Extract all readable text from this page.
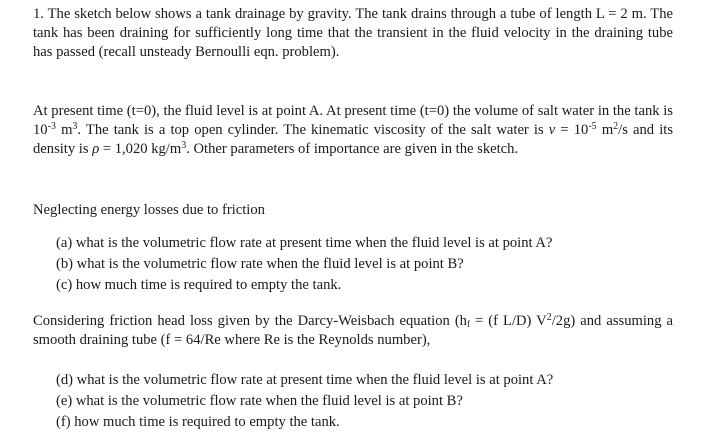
1. The sketch below shows a tank drainage by gravity. The tank drains through a tube of length L = 2 m. The tank has been draining for sufficiently long time that the transient in the fluid velocity in the draining tube has passed (recall unsteady Bernoulli eqn. problem).

At present time (t=0), the fluid level is at point A. At present time (t=0) the volume of salt water in the tank is $10^{-3}$ $m^3$. The tank is a top open cylinder. The kinematic viscosity of the salt water is $\nu = 10^{-5}$ $m^2/s$ and its density is ρ = 1,020 $kg/m^3$. Other parameters of importance are given in the sketch.

Neglecting energy losses due to friction

(a) what is the volumetric flow rate at present time when the fluid level is at point A?
(b) what is the volumetric flow rate when the fluid level is at point B?
(c) how much time is required to empty the tank.

Considering friction head loss given by the Darcy-Weisbach equation ($h_f = (f$ L/D) $V^2/2g$) and assuming a smooth draining tube (f = 64/Re where Re is the Reynolds number),

(d) what is the volumetric flow rate at present time when the fluid level is at point A?
(e) what is the volumetric flow rate when the fluid level is at point B?
(f) how much time is required to empty the tank.
